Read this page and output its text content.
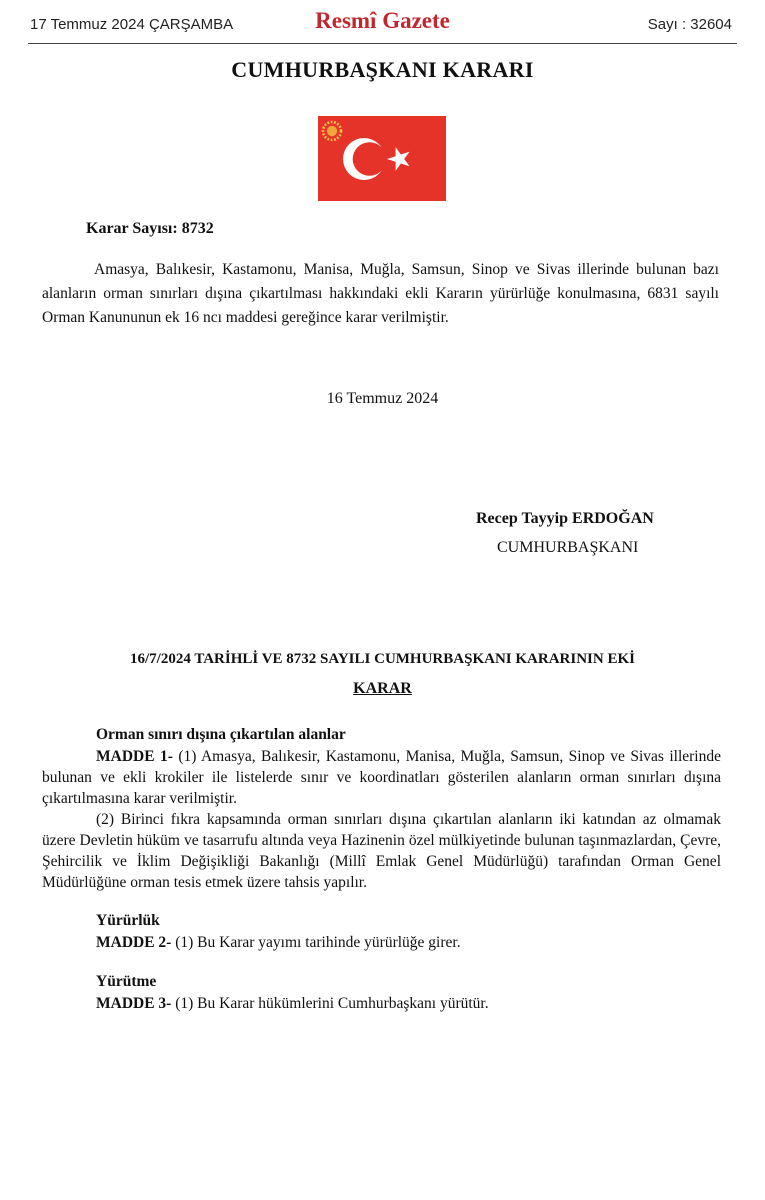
17 Temmuz 2024 ÇARŞAMBA	Resmî Gazete	Sayı : 32604
CUMHURBAŞKANI KARARI
Karar Sayısı: 8732
Amasya, Balıkesir, Kastamonu, Manisa, Muğla, Samsun, Sinop ve Sivas illerinde bulunan bazı alanların orman sınırları dışına çıkartılması hakkındaki ekli Kararın yürürlüğe konulmasına, 6831 sayılı Orman Kanununun ek 16 ncı maddesi gereğince karar verilmiştir.
16 Temmuz 2024
Recep Tayyip ERDOĞAN
CUMHURBAŞKANI
16/7/2024 TARİHLİ VE 8732 SAYILI CUMHURBAŞKANI KARARININ EKİ
KARAR
Orman sınırı dışına çıkartılan alanlar
MADDE 1- (1) Amasya, Balıkesir, Kastamonu, Manisa, Muğla, Samsun, Sinop ve Sivas illerinde bulunan ve ekli krokiler ile listelerde sınır ve koordinatları gösterilen alanların orman sınırları dışına çıkartılmasına karar verilmiştir.
(2) Birinci fıkra kapsamında orman sınırları dışına çıkartılan alanların iki katından az olmamak üzere Devletin hüküm ve tasarrufu altında veya Hazinenin özel mülkiyetinde bulunan taşınmazlardan, Çevre, Şehircilik ve İklim Değişikliği Bakanlığı (Millî Emlak Genel Müdürlüğü) tarafından Orman Genel Müdürlüğüne orman tesis etmek üzere tahsis yapılır.
Yürürlük
MADDE 2- (1) Bu Karar yayımı tarihinde yürürlüğe girer.
Yürütme
MADDE 3- (1) Bu Karar hükümlerini Cumhurbaşkanı yürütür.
